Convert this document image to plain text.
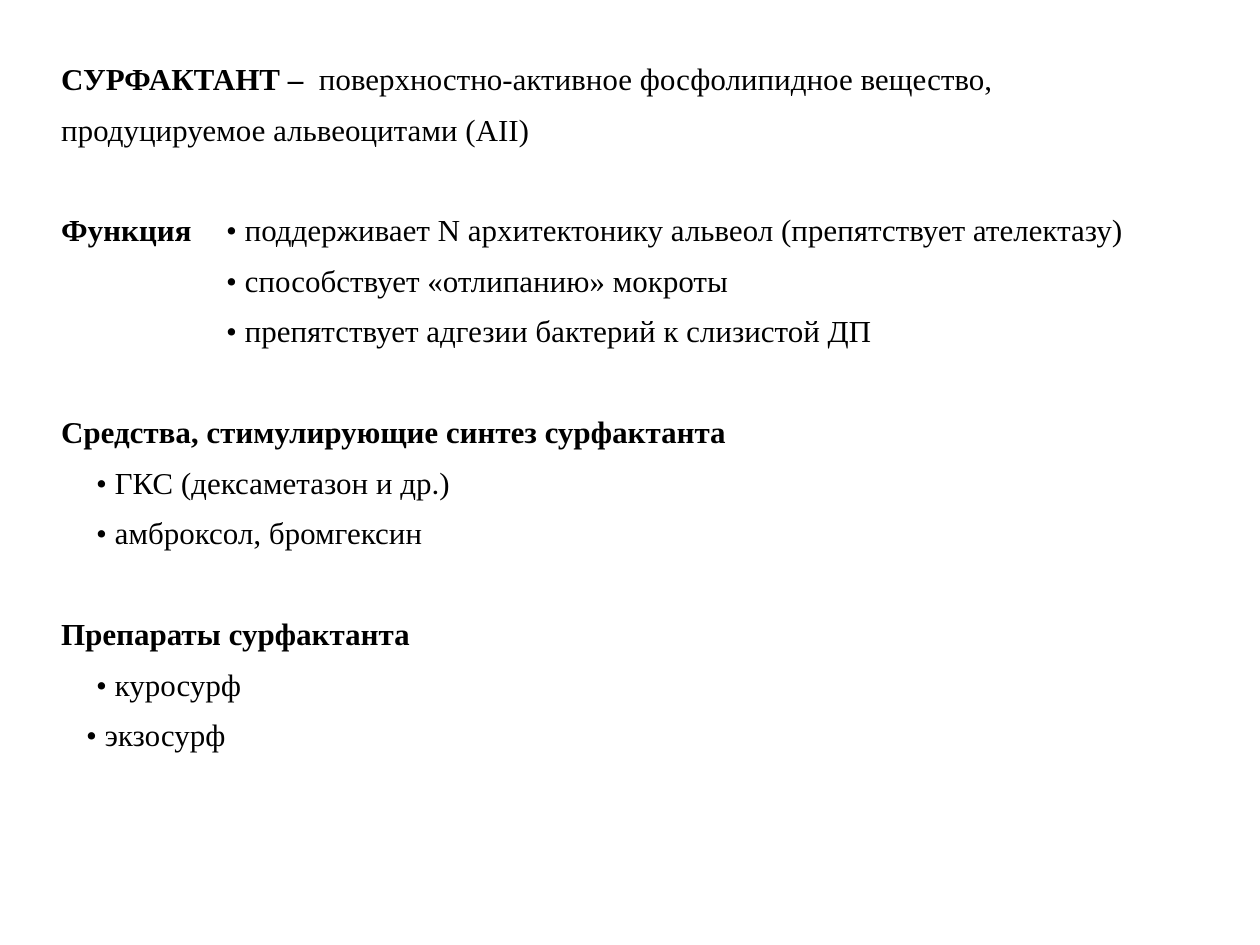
СУРФАКТАНТ – поверхностно-активное фосфолипидное вещество,
продуцируемое альвеоцитами (AII)
Функция • поддерживает N архитектонику альвеол (препятствует ателектазу)
• способствует «отлипанию» мокроты
• препятствует адгезии бактерий к слизистой ДП
Средства, стимулирующие синтез сурфактанта
• ГКС (дексаметазон и др.)
• амброксол, бромгексин
Препараты сурфактанта
• куросурф
• экзосурф
